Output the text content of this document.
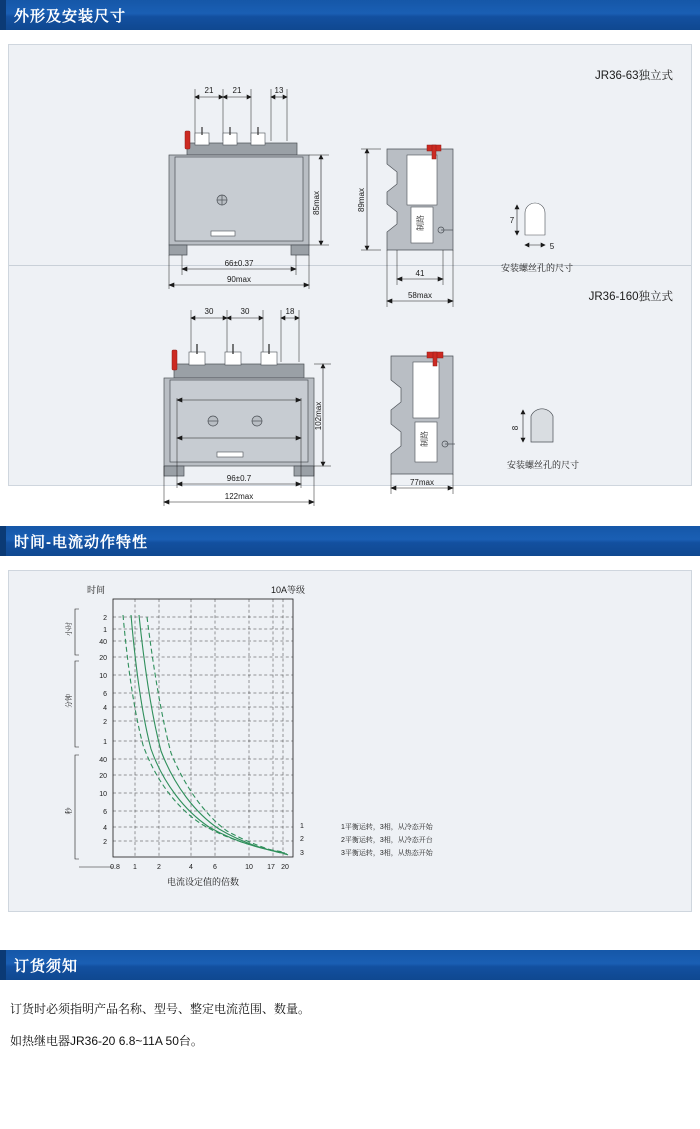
外形及安装尺寸
JR36-63独立式
21 21	13
85max
66±0.37
90max
89max
制路
41
58max
7
5
安装螺丝孔的尺寸
JR36-160独立式
30	30	18
102max
96±0.7
122max
制路
77max
8
安装螺丝孔的尺寸
时间-电流动作特性
10A等级
时间
小时
分钟
秒
2
1
40
20
10
6
4
2
1
40
20
10
6
4
2
1
2
3
0.8 1	2	4	6	10 17 20
电流设定值的倍数
1平衡运转，3相，从冷态开始
2平衡运转，3相，从冷态开台
3平衡运转，3相，从热态开始
订货须知

订货时必须指明产品名称、型号、整定电流范围、数量。

如热继电器JR36-20 6.8~11A 50台。
